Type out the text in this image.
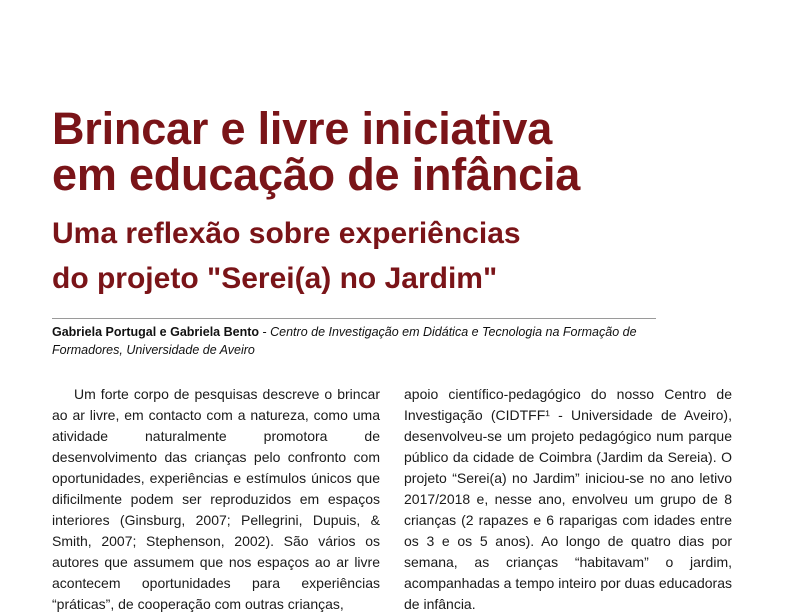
Brincar e livre iniciativa
em educação de infância
Uma reflexão sobre experiências
do projeto "Serei(a) no Jardim"
Gabriela Portugal e Gabriela Bento - Centro de Investigação em Didática e Tecnologia na Formação de Formadores, Universidade de Aveiro

Um forte corpo de pesquisas descreve o brincar ao ar livre, em contacto com a natureza, como uma atividade naturalmente promotora de desenvolvimento das crianças pelo confronto com oportunidades, experiências e estímulos únicos que dificilmente podem ser reproduzidos em espaços interiores (Ginsburg, 2007; Pellegrini, Dupuis, & Smith, 2007; Stephenson, 2002). São vários os autores que assumem que nos espaços ao ar livre acontecem oportunidades para experiências “práticas”, de cooperação com outras crianças,

apoio científico-pedagógico do nosso Centro de Investigação (CIDTFF¹ - Universidade de Aveiro), desenvolveu-se um projeto pedagógico num parque público da cidade de Coimbra (Jardim da Sereia). O projeto “Serei(a) no Jardim” iniciou-se no ano letivo 2017/2018 e, nesse ano, envolveu um grupo de 8 crianças (2 rapazes e 6 raparigas com idades entre os 3 e os 5 anos). Ao longo de quatro dias por semana, as crianças “habitavam” o jardim, acompanhadas a tempo inteiro por duas educadoras de infância.
